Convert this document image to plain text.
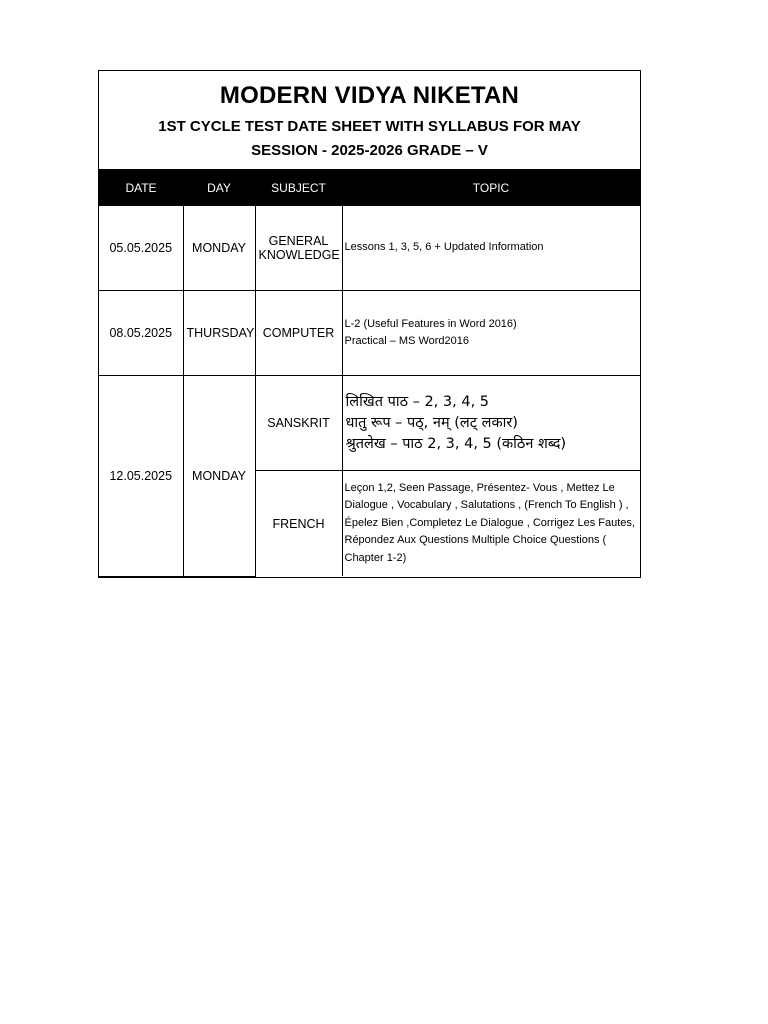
MODERN VIDYA NIKETAN
1ST CYCLE TEST DATE SHEET WITH SYLLABUS FOR MAY
SESSION - 2025-2026 GRADE – V
DATE	DAY	SUBJECT	TOPIC
05.05.2025	MONDAY	GENERAL KNOWLEDGE	Lessons 1, 3, 5, 6 + Updated Information

08.05.2025	THURSDAY	COMPUTER	L-2 (Useful Features in Word 2016)
Practical – MS Word2016

12.05.2025	MONDAY	SANSKRIT	लिखित पाठ – 2, 3, 4, 5
धातु रूप – पठ्, नम् (लट् लकार)
श्रुतलेख – पाठ 2, 3, 4, 5 (कठिन शब्द)

		FRENCH	Leçon 1,2, Seen Passage, Présentez- Vous , Mettez Le
Dialogue , Vocabulary , Salutations , (French To English ) ,
Épelez Bien ,Completez Le Dialogue , Corrigez Les Fautes,
Répondez Aux Questions Multiple Choice Questions (
Chapter 1-2)
